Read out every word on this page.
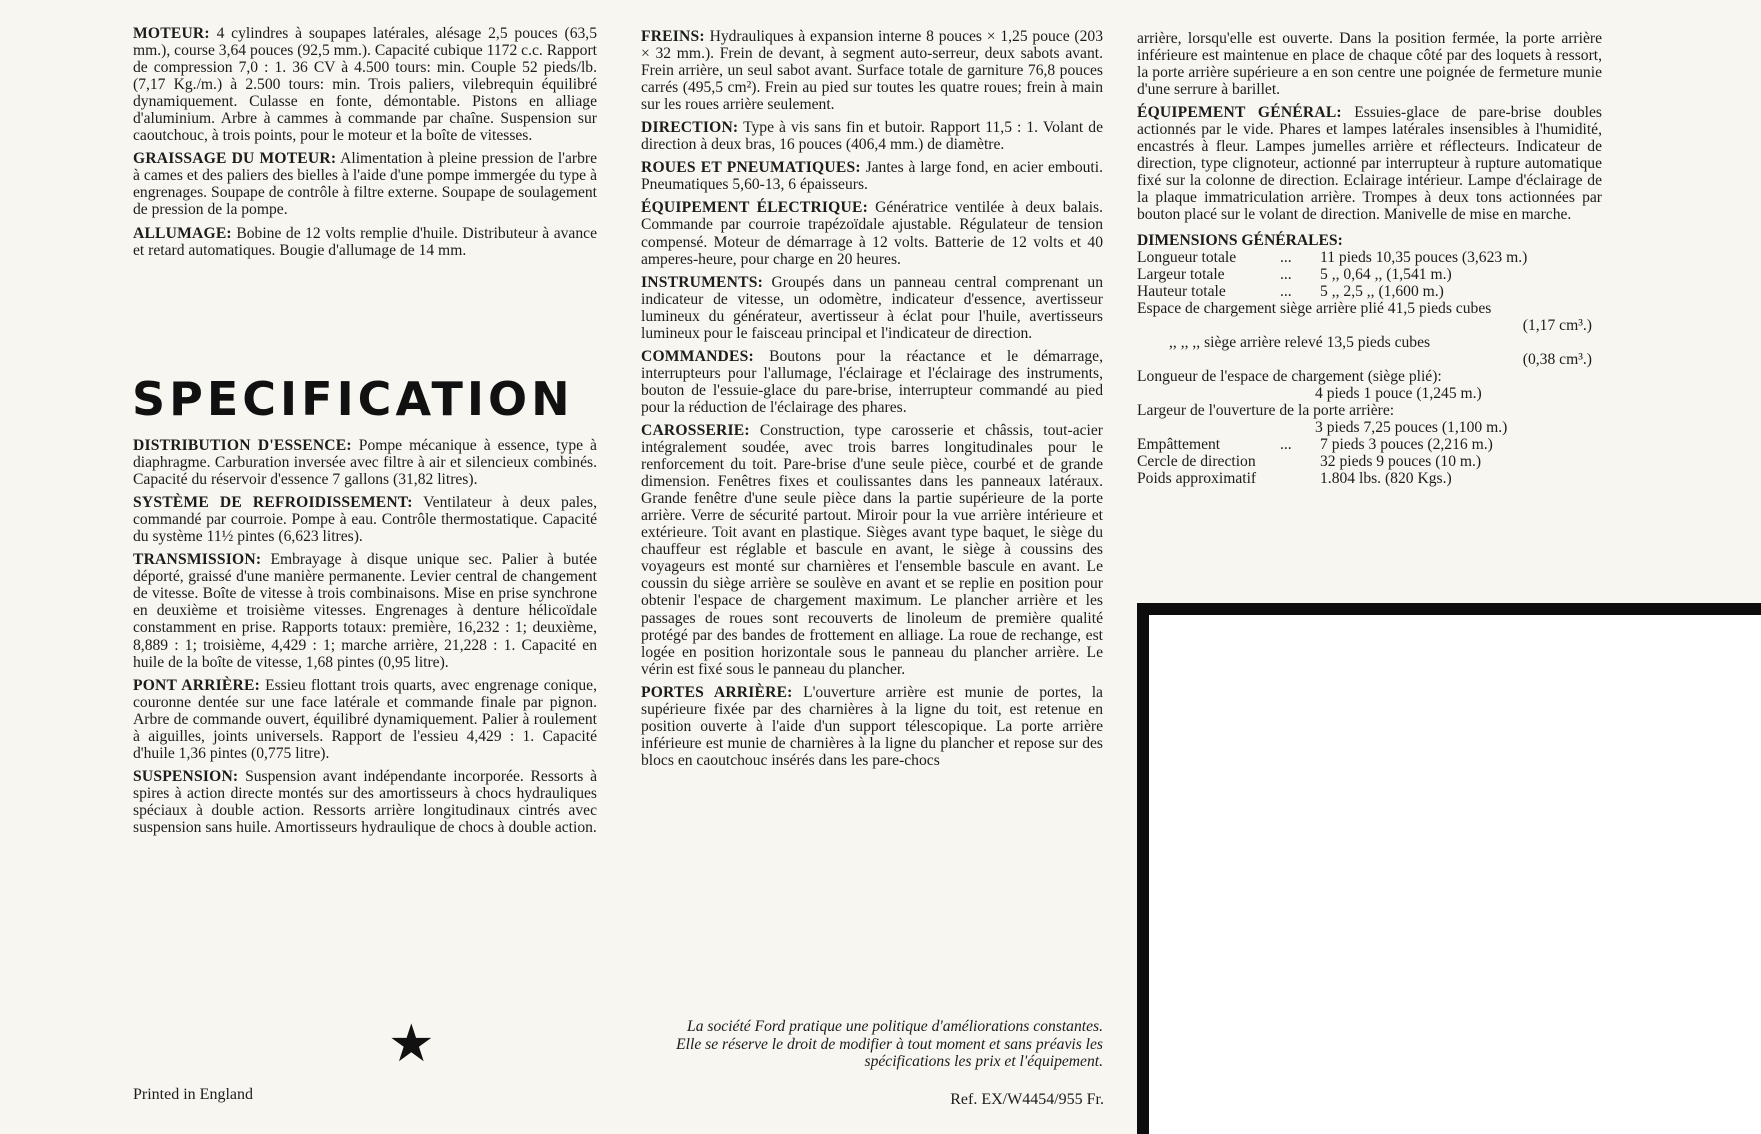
MOTEUR: 4 cylindres à soupapes latérales, alésage 2,5 pouces (63,5 mm.), course 3,64 pouces (92,5 mm.). Capacité cubique 1172 c.c. Rapport de compression 7,0 : 1. 36 CV à 4.500 tours: min. Couple 52 pieds/lb. (7,17 Kg./m.) à 2.500 tours: min. Trois paliers, vilebrequin équilibré dynamiquement. Culasse en fonte, démontable. Pistons en alliage d'aluminium. Arbre à cammes à commande par chaîne. Suspension sur caoutchouc, à trois points, pour le moteur et la boîte de vitesses.

GRAISSAGE DU MOTEUR: Alimentation à pleine pression de l'arbre à cames et des paliers des bielles à l'aide d'une pompe immergée du type à engrenages. Soupape de contrôle à filtre externe. Soupape de soulagement de pression de la pompe.

ALLUMAGE: Bobine de 12 volts remplie d'huile. Distributeur à avance et retard automatiques. Bougie d'allumage de 14 mm.

SPECIFICATION

DISTRIBUTION D'ESSENCE: Pompe mécanique à essence, type à diaphragme. Carburation inversée avec filtre à air et silencieux combinés. Capacité du réservoir d'essence 7 gallons (31,82 litres).

SYSTÈME DE REFROIDISSEMENT: Ventilateur à deux pales, commandé par courroie. Pompe à eau. Contrôle thermostatique. Capacité du système 11½ pintes (6,623 litres).

TRANSMISSION: Embrayage à disque unique sec. Palier à butée déporté, graissé d'une manière permanente. Levier central de changement de vitesse. Boîte de vitesse à trois combinaisons. Mise en prise synchrone en deuxième et troisième vitesses. Engrenages à denture hélicoïdale constamment en prise. Rapports totaux: première, 16,232 : 1; deuxième, 8,889 : 1; troisième, 4,429 : 1; marche arrière, 21,228 : 1. Capacité en huile de la boîte de vitesse, 1,68 pintes (0,95 litre).

PONT ARRIÈRE: Essieu flottant trois quarts, avec engrenage conique, couronne dentée sur une face latérale et commande finale par pignon. Arbre de commande ouvert, équilibré dynamiquement. Palier à roulement à aiguilles, joints universels. Rapport de l'essieu 4,429 : 1. Capacité d'huile 1,36 pintes (0,775 litre).

SUSPENSION: Suspension avant indépendante incorporée. Ressorts à spires à action directe montés sur des amortisseurs à chocs hydrauliques spéciaux à double action. Ressorts arrière longitudinaux cintrés avec suspension sans huile. Amortisseurs hydraulique de chocs à double action.

FREINS: Hydrauliques à expansion interne 8 pouces × 1,25 pouce (203 × 32 mm.). Frein de devant, à segment auto-serreur, deux sabots avant. Frein arrière, un seul sabot avant. Surface totale de garniture 76,8 pouces carrés (495,5 cm²). Frein au pied sur toutes les quatre roues; frein à main sur les roues arrière seulement.

DIRECTION: Type à vis sans fin et butoir. Rapport 11,5 : 1. Volant de direction à deux bras, 16 pouces (406,4 mm.) de diamètre.

ROUES ET PNEUMATIQUES: Jantes à large fond, en acier embouti. Pneumatiques 5,60-13, 6 épaisseurs.

ÉQUIPEMENT ÉLECTRIQUE: Génératrice ventilée à deux balais. Commande par courroie trapézoïdale ajustable. Régulateur de tension compensé. Moteur de démarrage à 12 volts. Batterie de 12 volts et 40 amperes-heure, pour charge en 20 heures.

INSTRUMENTS: Groupés dans un panneau central comprenant un indicateur de vitesse, un odomètre, indicateur d'essence, avertisseur lumineux du générateur, avertisseur à éclat pour l'huile, avertisseurs lumineux pour le faisceau principal et l'indicateur de direction.

COMMANDES: Boutons pour la réactance et le démarrage, interrupteurs pour l'allumage, l'éclairage et l'éclairage des instruments, bouton de l'essuie-glace du pare-brise, interrupteur commandé au pied pour la réduction de l'éclairage des phares.

CAROSSERIE: Construction, type carosserie et châssis, tout-acier intégralement soudée, avec trois barres longitudinales pour le renforcement du toit. Pare-brise d'une seule pièce, courbé et de grande dimension. Fenêtres fixes et coulissantes dans les panneaux latéraux. Grande fenêtre d'une seule pièce dans la partie supérieure de la porte arrière. Verre de sécurité partout. Miroir pour la vue arrière intérieure et extérieure. Toit avant en plastique. Sièges avant type baquet, le siège du chauffeur est réglable et bascule en avant, le siège à coussins des voyageurs est monté sur charnières et l'ensemble bascule en avant. Le coussin du siège arrière se soulève en avant et se replie en position pour obtenir l'espace de chargement maximum. Le plancher arrière et les passages de roues sont recouverts de linoleum de première qualité protégé par des bandes de frottement en alliage. La roue de rechange, est logée en position horizontale sous le panneau du plancher arrière. Le vérin est fixé sous le panneau du plancher.

PORTES ARRIÈRE: L'ouverture arrière est munie de portes, la supérieure fixée par des charnières à la ligne du toit, est retenue en position ouverte à l'aide d'un support télescopique. La porte arrière inférieure est munie de charnières à la ligne du plancher et repose sur des blocs en caoutchouc insérés dans les pare-chocs

arrière, lorsqu'elle est ouverte. Dans la position fermée, la porte arrière inférieure est maintenue en place de chaque côté par des loquets à ressort, la porte arrière supérieure a en son centre une poignée de fermeture munie d'une serrure à barillet.

ÉQUIPEMENT GÉNÉRAL: Essuies-glace de pare-brise doubles actionnés par le vide. Phares et lampes latérales insensibles à l'humidité, encastrés à fleur. Lampes jumelles arrière et réflecteurs. Indicateur de direction, type clignoteur, actionné par interrupteur à rupture automatique fixé sur la colonne de direction. Eclairage intérieur. Lampe d'éclairage de la plaque immatriculation arrière. Trompes à deux tons actionnées par bouton placé sur le volant de direction. Manivelle de mise en marche.

DIMENSIONS GÉNÉRALES:
Longueur totale	...	11 pieds 10,35 pouces (3,623 m.)
Largeur totale	...	5 ,, 0,64 ,, (1,541 m.)
Hauteur totale	...	5 ,, 2,5 ,, (1,600 m.)
Espace de chargement siège arrière plié 41,5 pieds cubes
(1,17 cm³.)
,, ,, ,, siège arrière relevé 13,5 pieds cubes
(0,38 cm³.)
Longueur de l'espace de chargement (siège plié):
4 pieds 1 pouce (1,245 m.)
Largeur de l'ouverture de la porte arrière:
3 pieds 7,25 pouces (1,100 m.)
Empâttement	...	7 pieds 3 pouces (2,216 m.)
Cercle de direction	32 pieds 9 pouces (10 m.)
Poids approximatif	1.804 lbs. (820 Kgs.)
★	La société Ford pratique une politique d'améliorations constantes.
Elle se réserve le droit de modifier à tout moment et sans préavis les
spécifications les prix et l'équipement.
Printed in England	Ref. EX/W4454/955 Fr.
